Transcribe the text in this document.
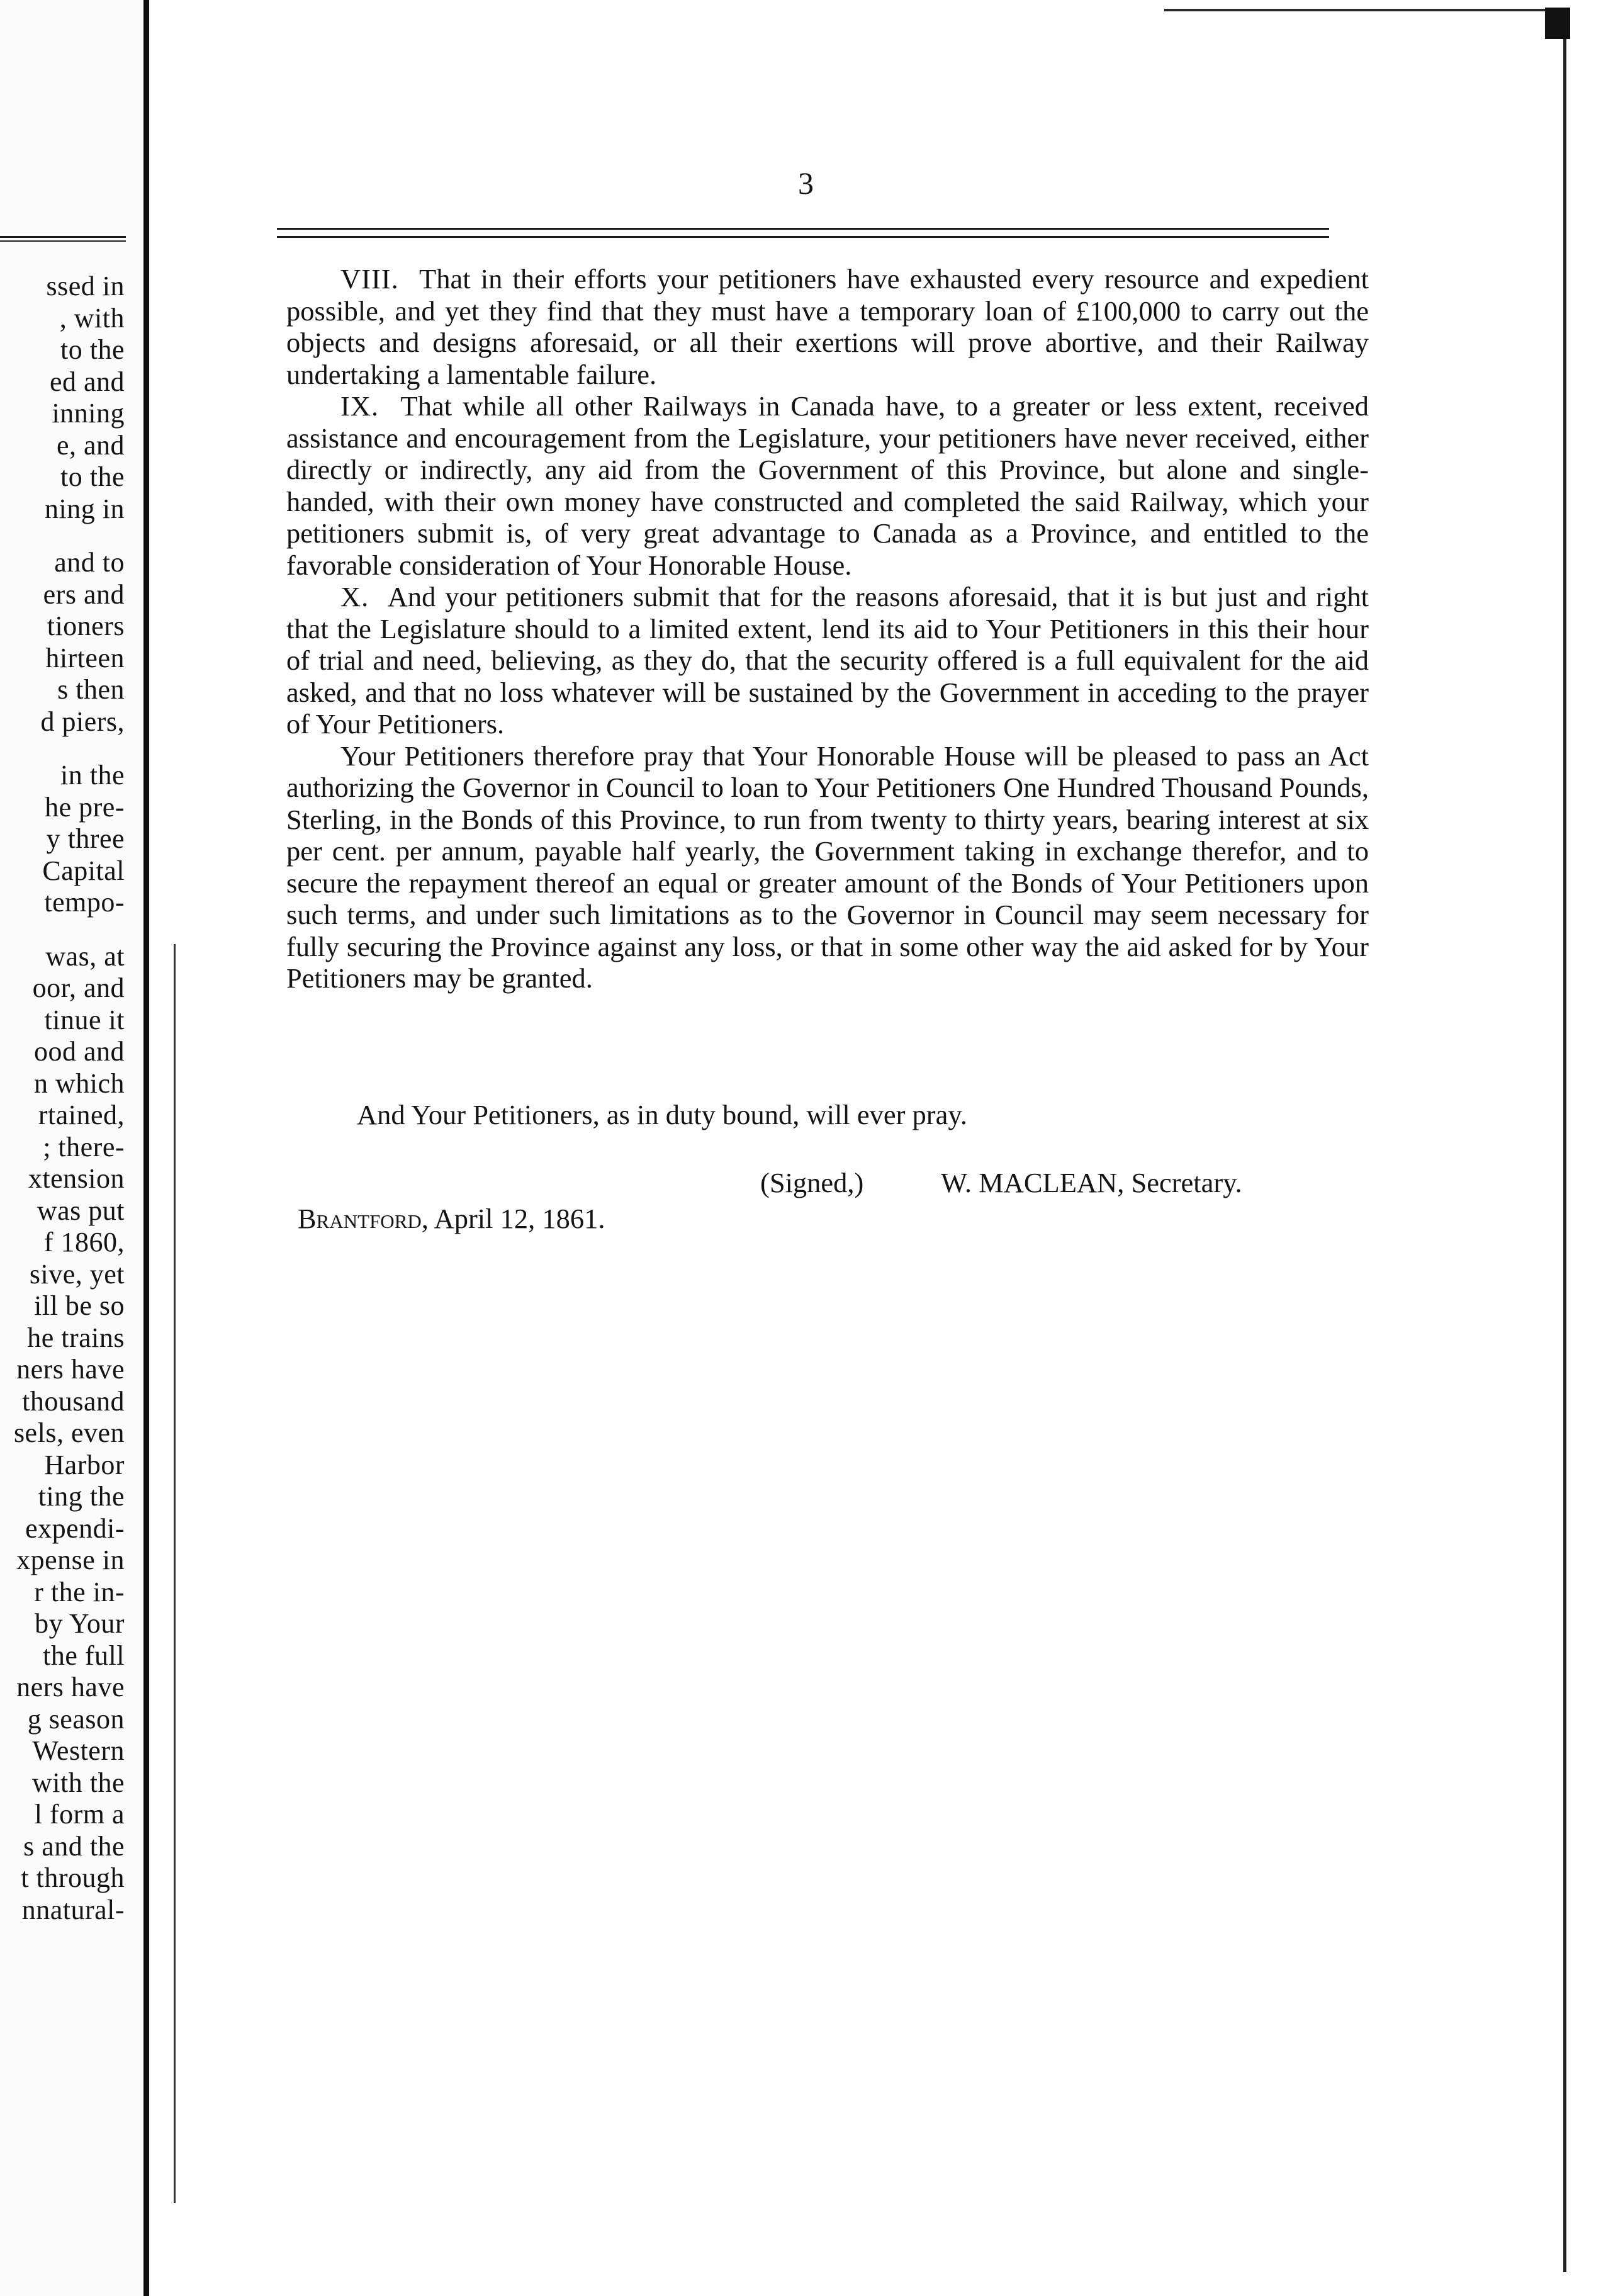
ssed in
, with
to the
ed and
inning
e, and
to the
ning in
and to
ers and
tioners
hirteen
s then
d piers,
in the
he pre-
y three
Capital
tempo-
was, at
oor, and
tinue it
ood and
n which
rtained,
; there-
xtension
was put
f 1860,
sive, yet
ill be so
he trains
ners have
thousand
sels, even
Harbor
ting the
expendi-
xpense in
r the in-
by Your
the full
ners have
g season
Western
with the
l form a
s and the
t through
nnatural-
3

VIII. That in their efforts your petitioners have exhausted every resource and expedient possible, and yet they find that they must have a temporary loan of £100,000 to carry out the objects and designs aforesaid, or all their exertions will prove abortive, and their Railway undertaking a lamentable failure.

IX. That while all other Railways in Canada have, to a greater or less extent, received assistance and encouragement from the Legislature, your petitioners have never received, either directly or indirectly, any aid from the Government of this Province, but alone and single-handed, with their own money have constructed and completed the said Railway, which your petitioners submit is, of very great advantage to Canada as a Province, and entitled to the favorable consideration of Your Honorable House.

X. And your petitioners submit that for the reasons aforesaid, that it is but just and right that the Legislature should to a limited extent, lend its aid to Your Petitioners in this their hour of trial and need, believing, as they do, that the security offered is a full equivalent for the aid asked, and that no loss whatever will be sustained by the Government in acceding to the prayer of Your Petitioners.

Your Petitioners therefore pray that Your Honorable House will be pleased to pass an Act authorizing the Governor in Council to loan to Your Petitioners One Hundred Thousand Pounds, Sterling, in the Bonds of this Province, to run from twenty to thirty years, bearing interest at six per cent. per annum, payable half yearly, the Government taking in exchange therefor, and to secure the repayment thereof an equal or greater amount of the Bonds of Your Petitioners upon such terms, and under such limitations as to the Governor in Council may seem necessary for fully securing the Province against any loss, or that in some other way the aid asked for by Your Petitioners may be granted.

And Your Petitioners, as in duty bound, will ever pray.
(Signed,)	W. MACLEAN, Secretary.
Brantford, April 12, 1861.
